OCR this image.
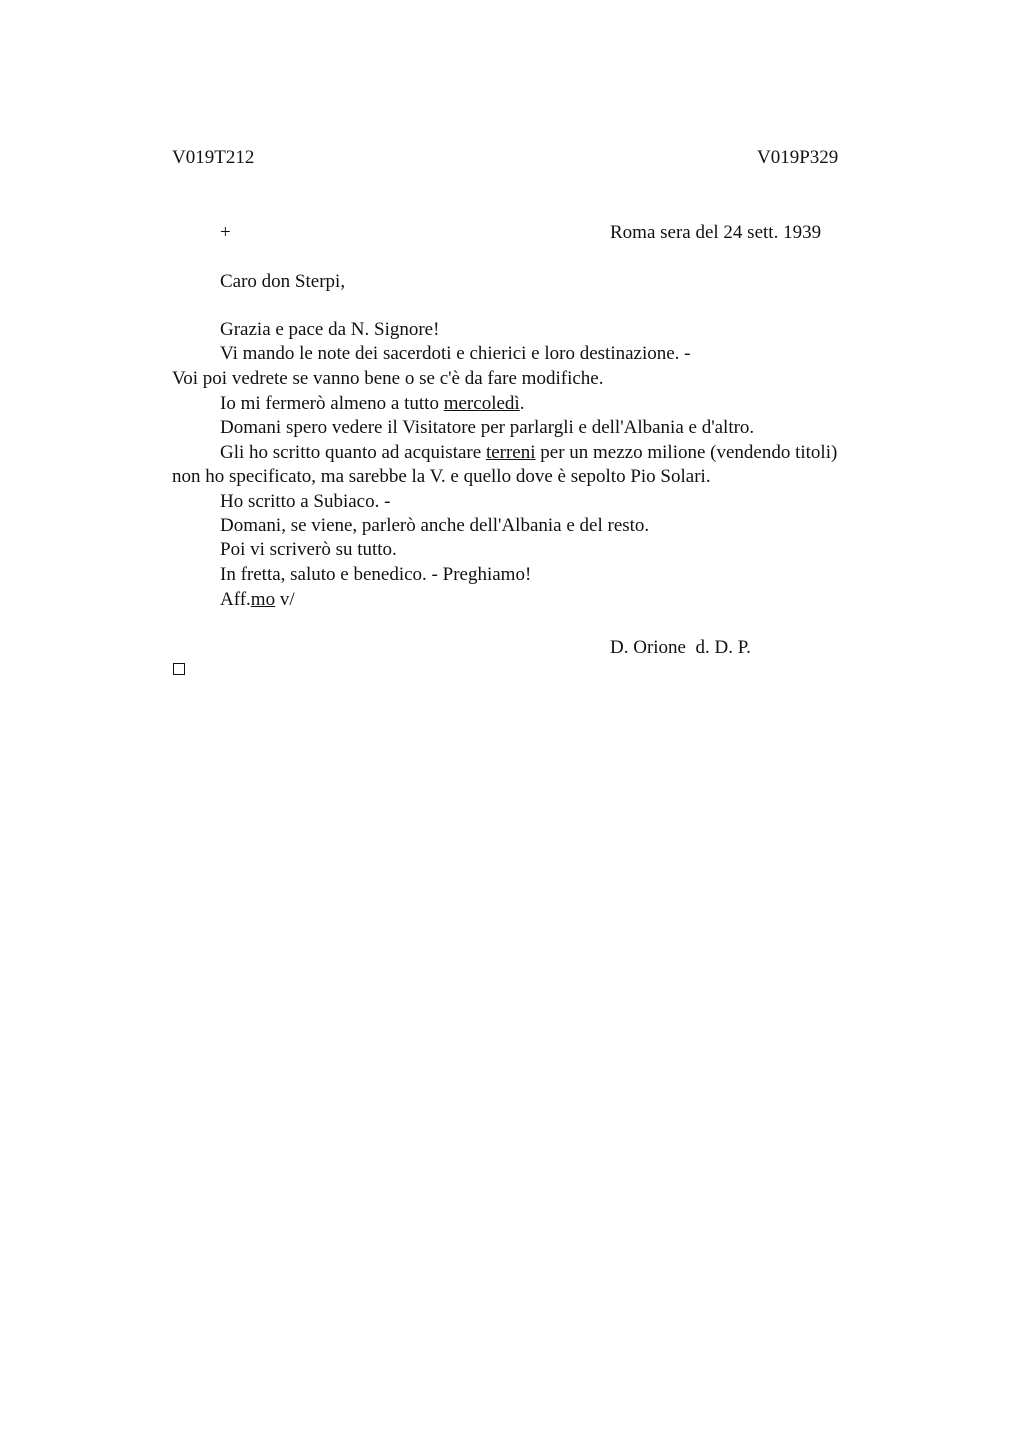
V019T212	V019P329
+	Roma sera del 24 sett. 1939
Caro don Sterpi,
Grazia e pace da N. Signore!
Vi mando le note dei sacerdoti e chierici e loro destinazione. -
Voi poi vedrete se vanno bene o se c'è da fare modifiche.
Io mi fermerò almeno a tutto mercoledì.
Domani spero vedere il Visitatore per parlargli e dell'Albania e d'altro.
Gli ho scritto quanto ad acquistare terreni per un mezzo milione (vendendo titoli)
non ho specificato, ma sarebbe la V. e quello dove è sepolto Pio Solari.
Ho scritto a Subiaco. -
Domani, se viene, parlerò anche dell'Albania e del resto.
Poi vi scriverò su tutto.
In fretta, saluto e benedico. - Preghiamo!
Aff.mo v/
D. Orione  d. D. P.
